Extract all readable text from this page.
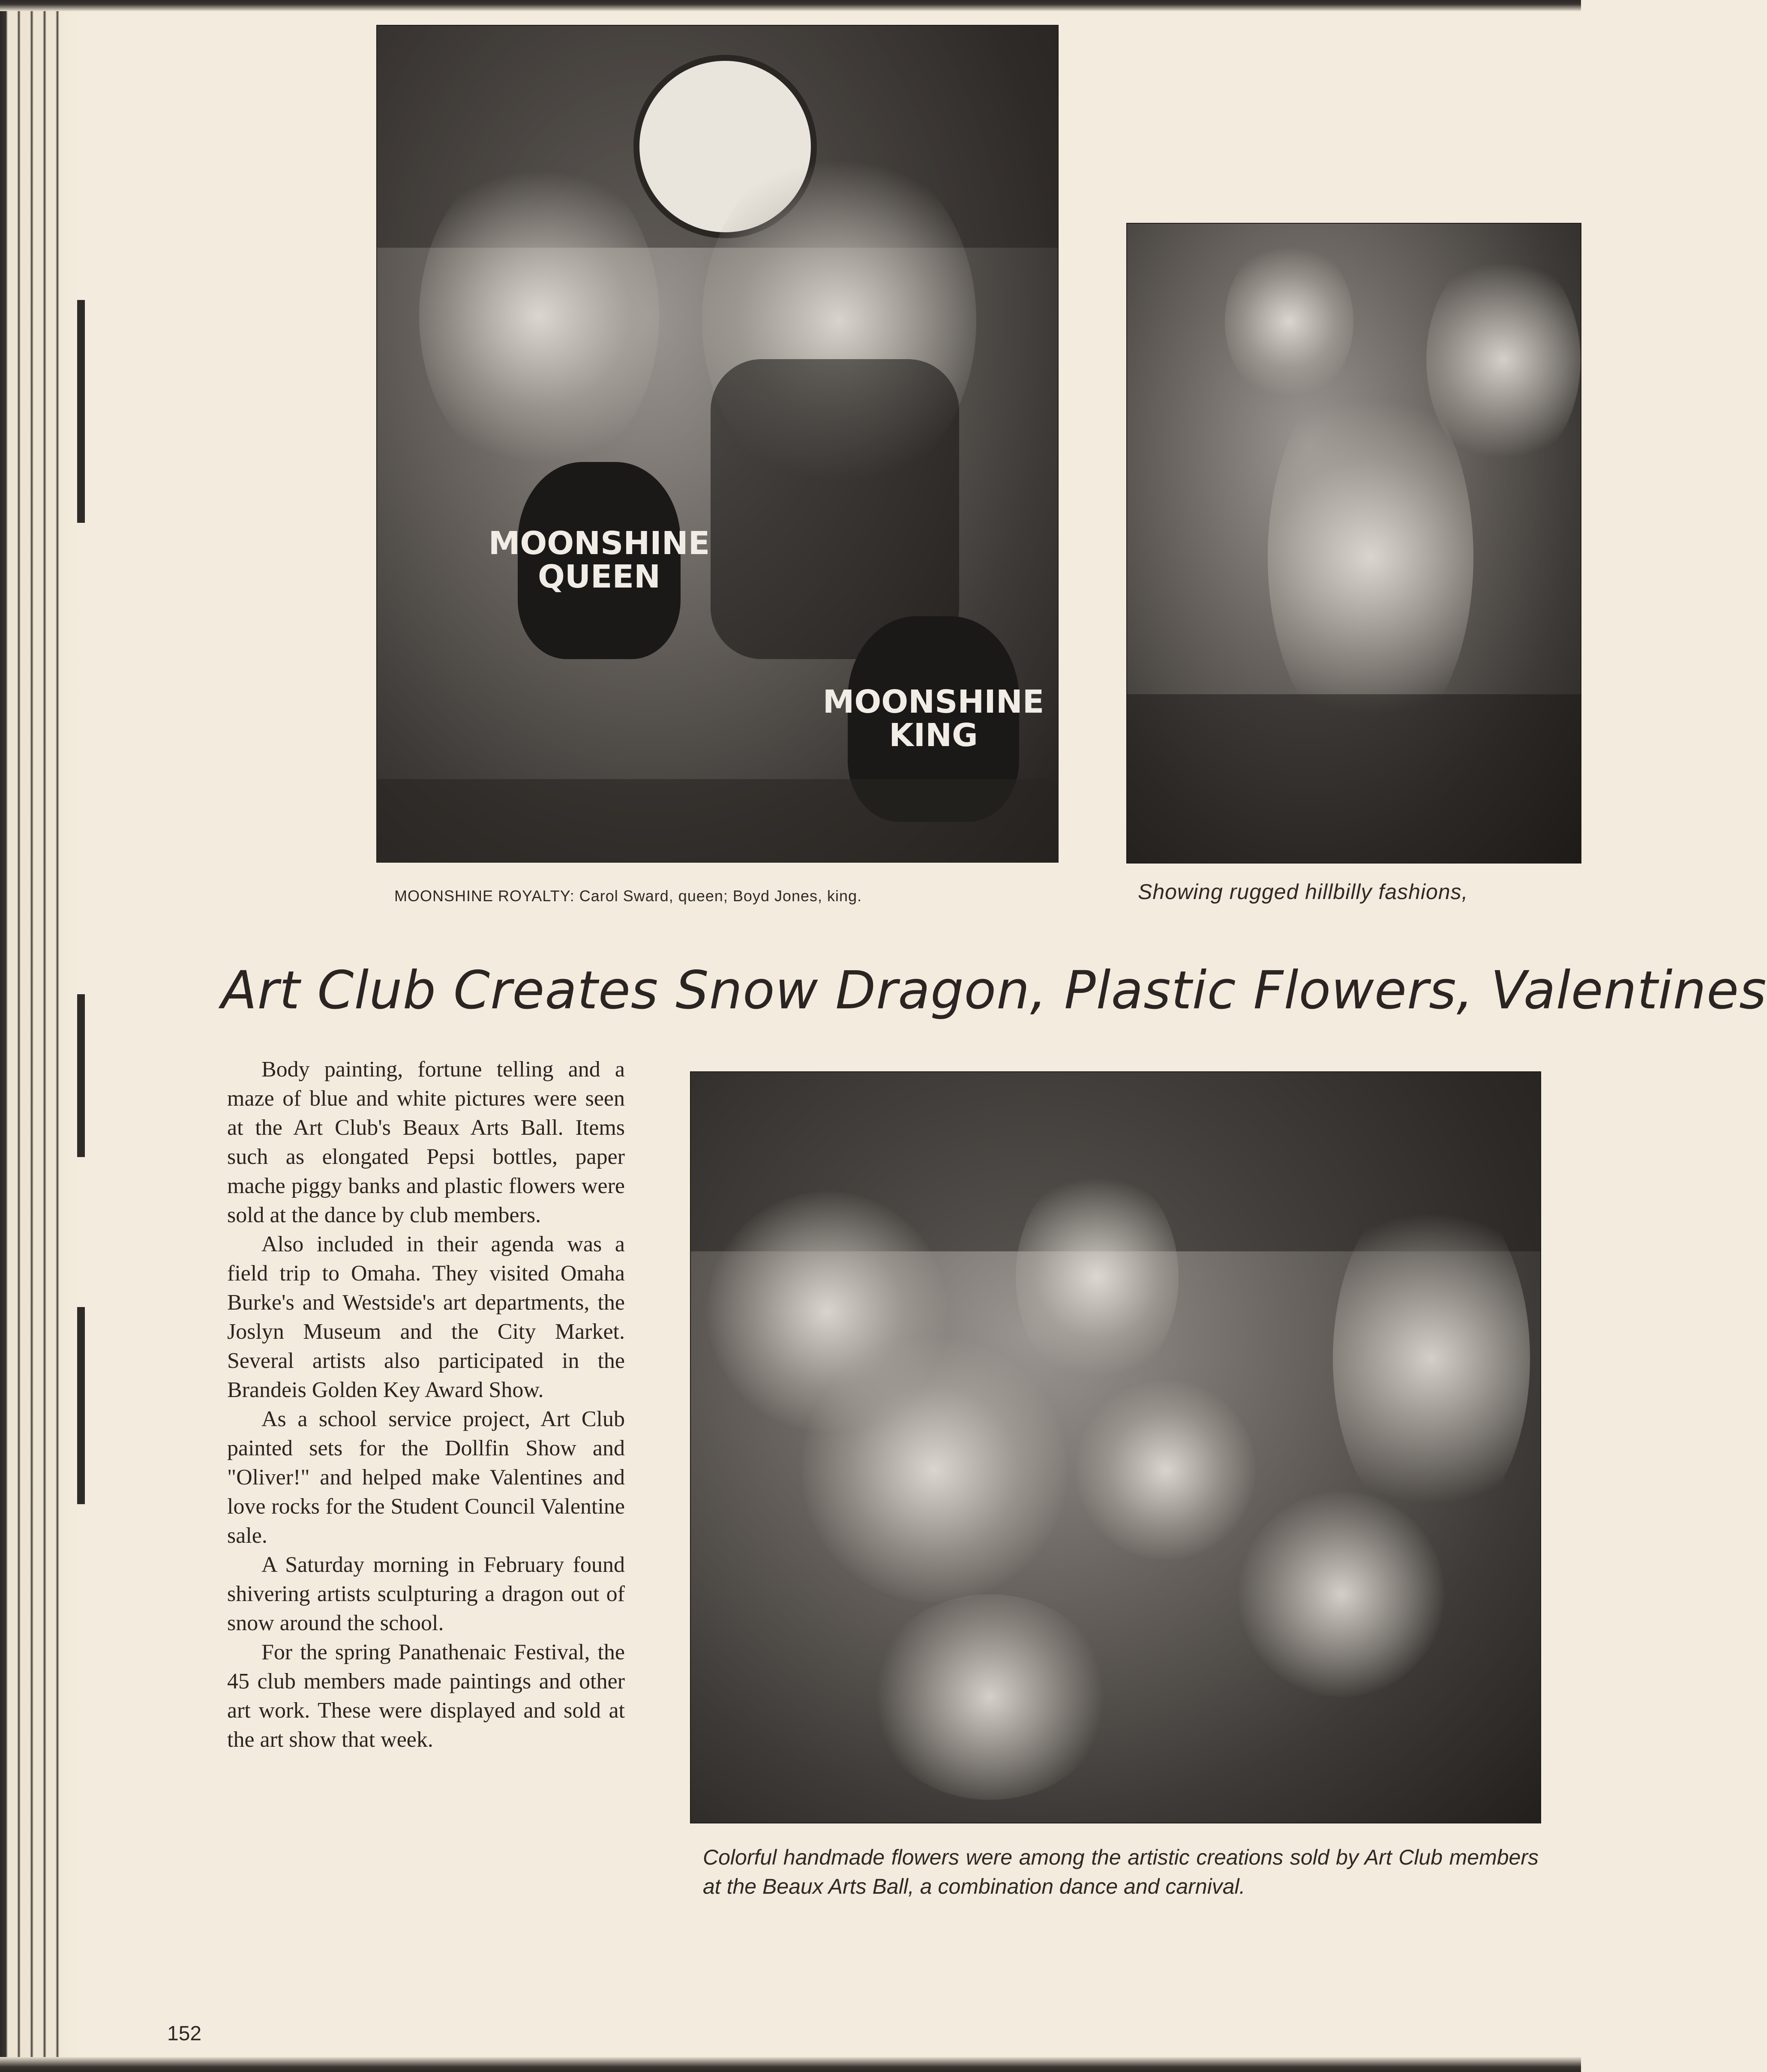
MOONSHINE
QUEEN
MOONSHINE
KING
MOONSHINE ROYALTY: Carol Sward, queen; Boyd Jones, king.	Showing rugged hillbilly fashions,
Art Club Creates Snow Dragon, Plastic Flowers, Valentines

Body painting, fortune telling and a maze of blue and white pictures were seen at the Art Club's Beaux Arts Ball. Items such as elongated Pepsi bottles, paper mache piggy banks and plastic flowers were sold at the dance by club members.

Also included in their agenda was a field trip to Omaha. They visited Omaha Burke's and Westside's art departments, the Joslyn Museum and the City Market. Several artists also participated in the Brandeis Golden Key Award Show.

As a school service project, Art Club painted sets for the Dollfin Show and "Oliver!" and helped make Valentines and love rocks for the Student Council Valentine sale.

A Saturday morning in February found shivering artists sculpturing a dragon out of snow around the school.

For the spring Panathenaic Festival, the 45 club members made paintings and other art work. These were displayed and sold at the art show that week.

Colorful handmade flowers were among the artistic creations sold by Art Club members at the Beaux Arts Ball, a combination dance and carnival.
152
